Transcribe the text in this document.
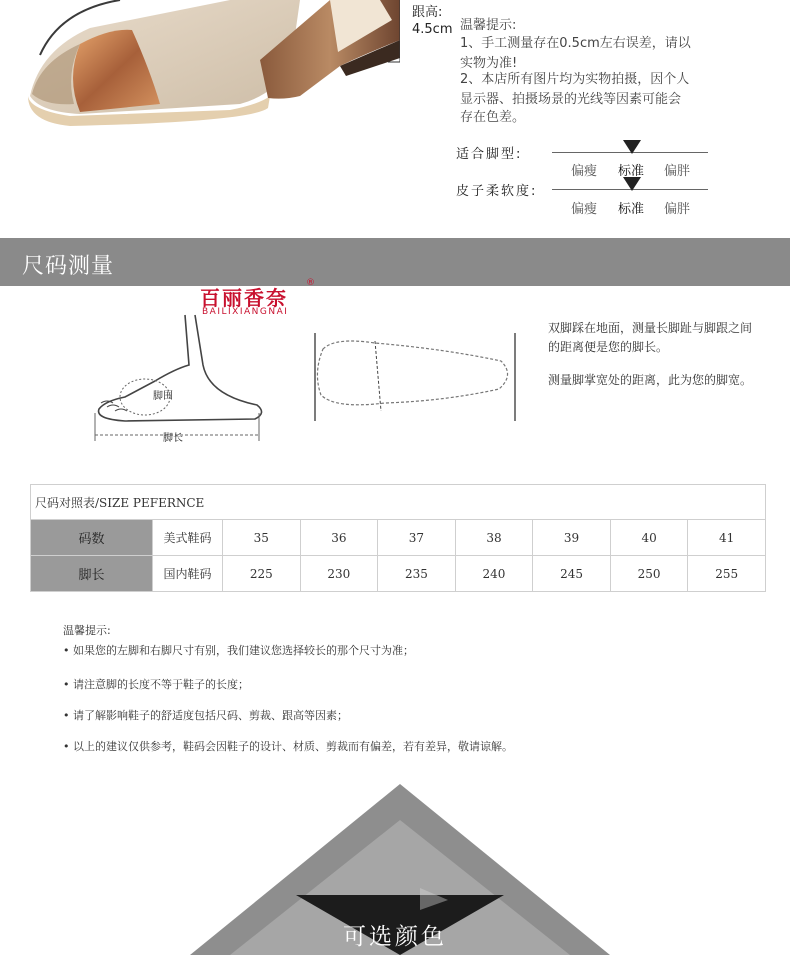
跟高:
4.5cm 温馨提示:
1、手工测量存在0.5cm左右误差，请以
实物为准!
2、本店所有图片均为实物拍摄，因个人
显示器、拍摄场景的光线等因素可能会
存在色差。
适合脚型:
偏瘦 标准 偏胖
皮子柔软度:
偏瘦 标准 偏胖
尺码测量
百丽香奈
®
BAILIXIANGNAI
脚围
脚长
双脚踩在地面，测量长脚趾与脚跟之间的距离便是您的脚长。
测量脚掌宽处的距离，此为您的脚宽。
尺码对照表/SIZE PEFERNCE								
码数	美式鞋码	35	36	37	38	39	40	41
脚长	国内鞋码	225	230	235	240	245	250	255
温馨提示:
• 如果您的左脚和右脚尺寸有别，我们建议您选择较长的那个尺寸为准；
• 请注意脚的长度不等于鞋子的长度；
• 请了解影响鞋子的舒适度包括尺码、剪裁、跟高等因素；
• 以上的建议仅供参考，鞋码会因鞋子的设计、材质、剪裁而有偏差，若有差异，敬请谅解。
可选颜色
